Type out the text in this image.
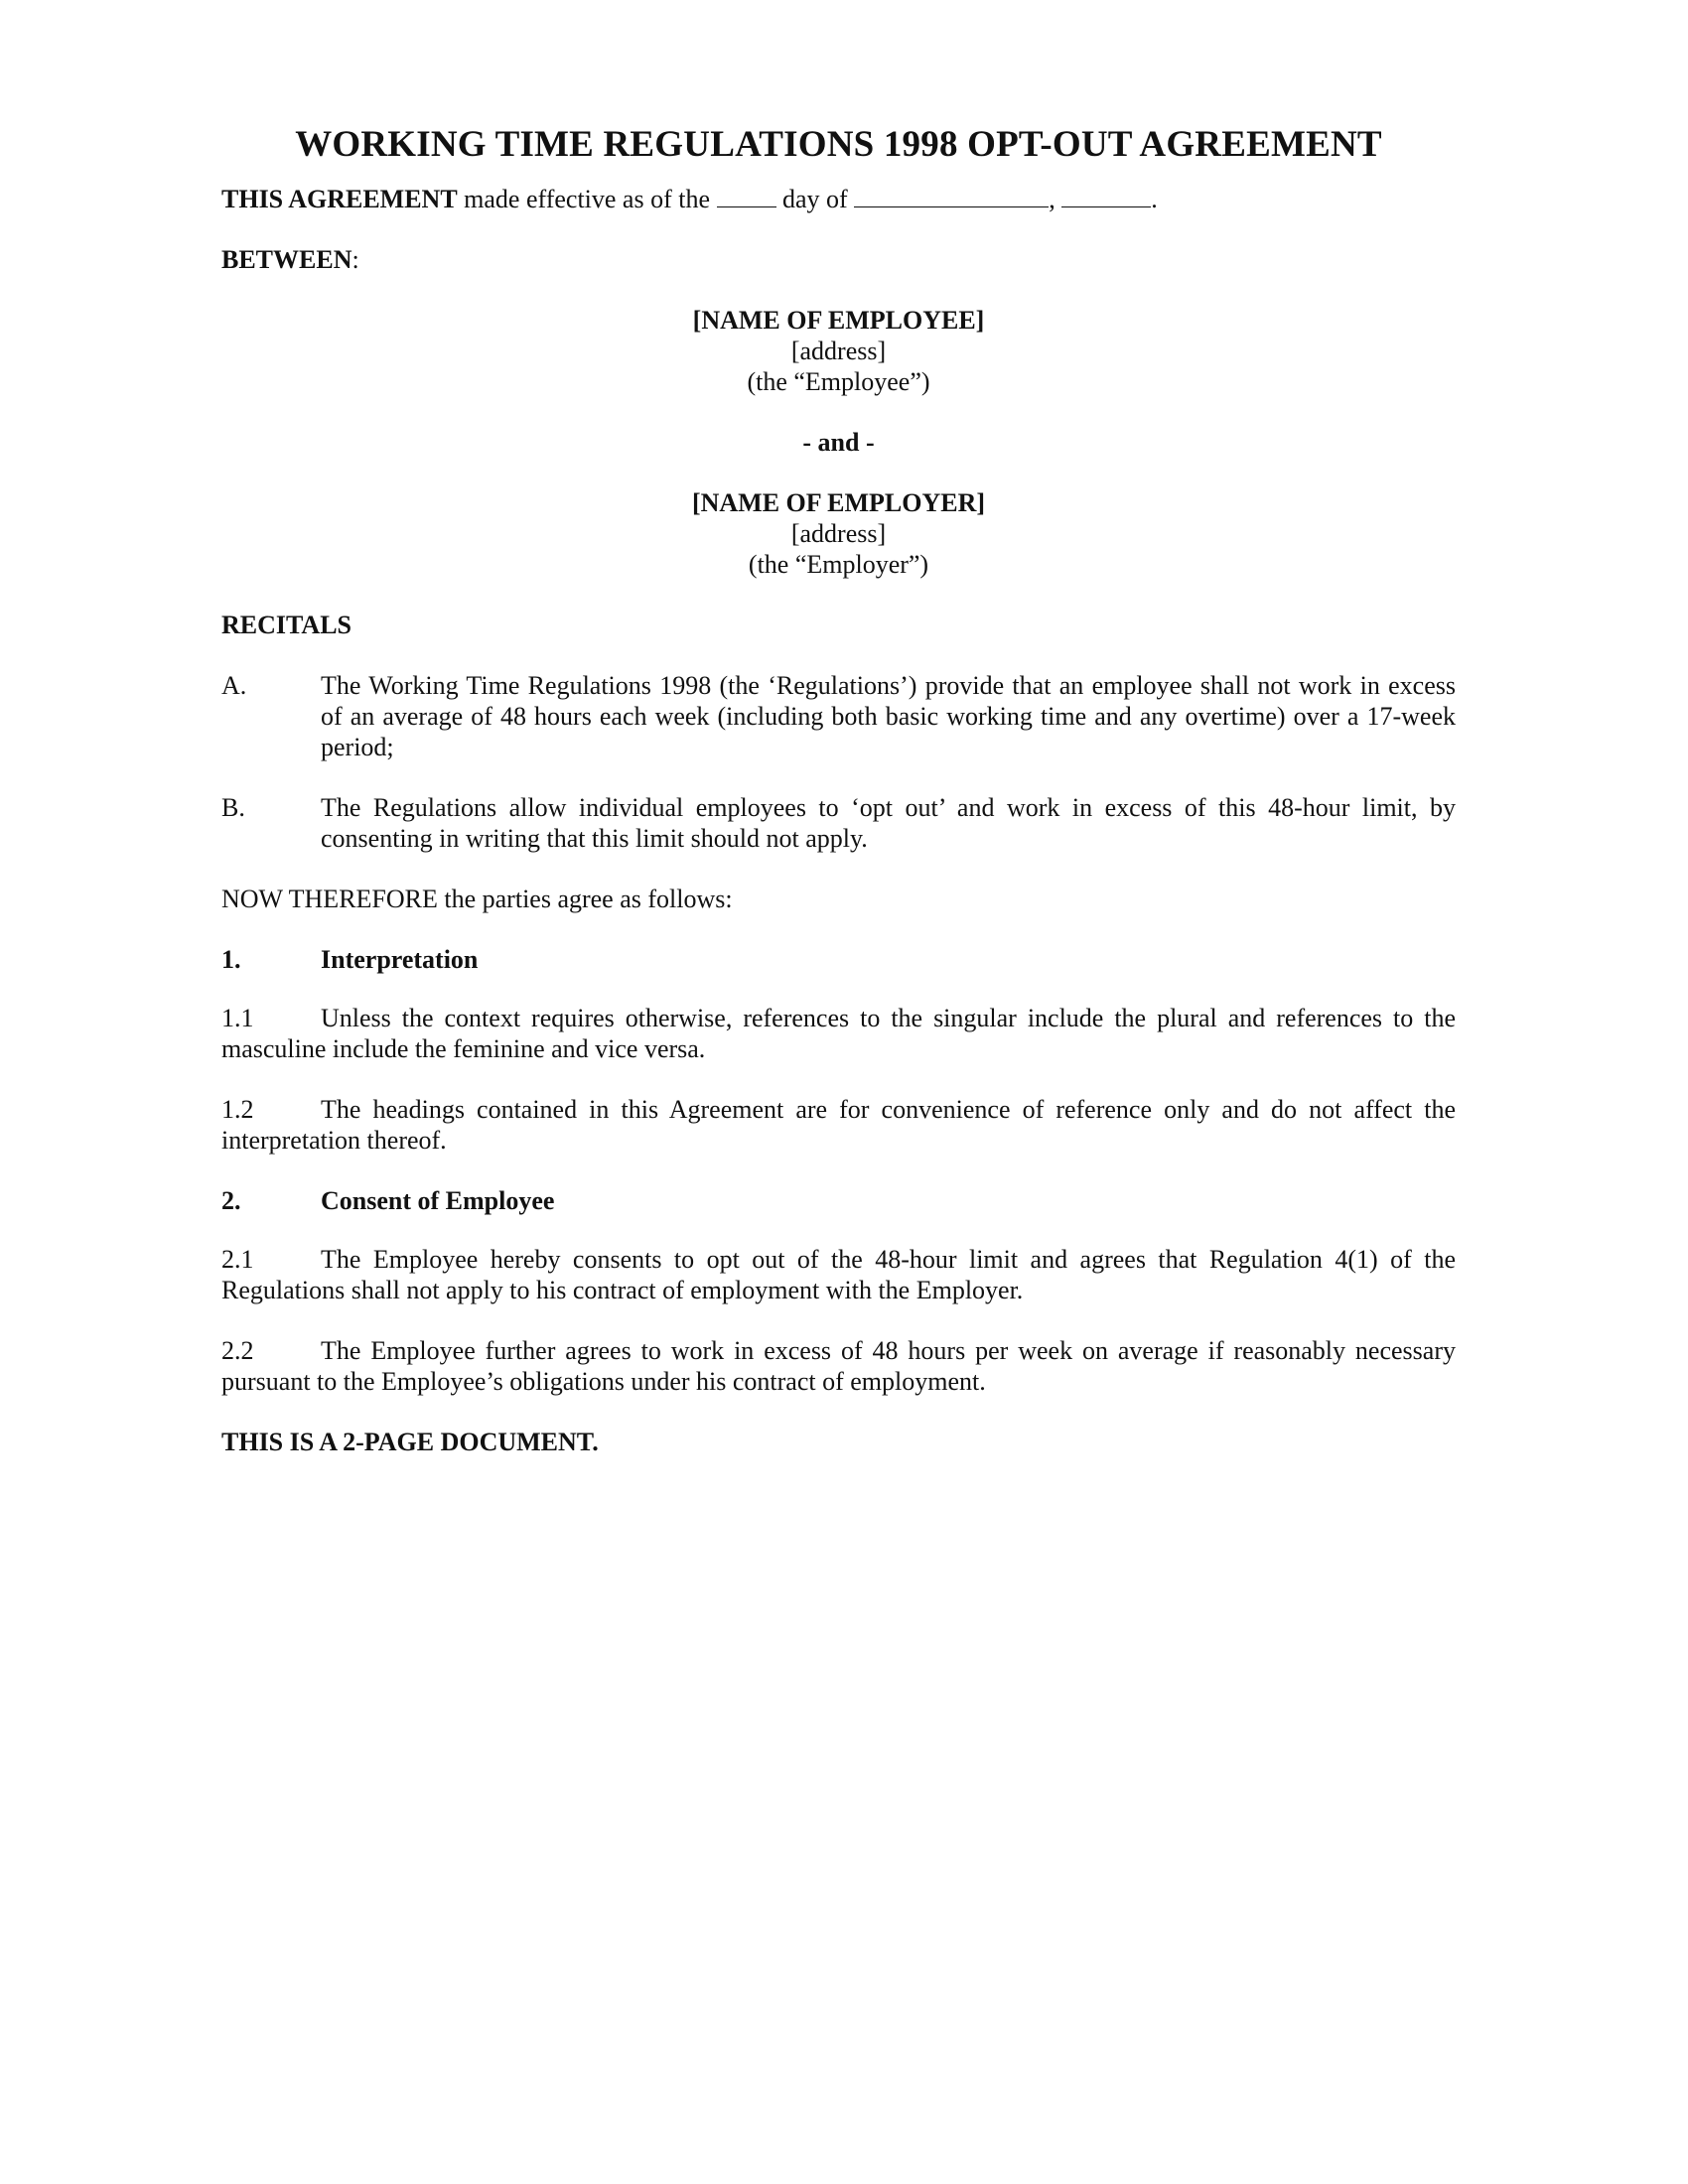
WORKING TIME REGULATIONS 1998 OPT-OUT AGREEMENT
THIS AGREEMENT made effective as of the  day of	,	.
BETWEEN:
[NAME OF EMPLOYEE]
[address]
(the “Employee”)
- and -
[NAME OF EMPLOYER]
[address]
(the “Employer”)
RECITALS
A.	The Working Time Regulations 1998 (the ‘Regulations’) provide that an employee shall not work in excess of an average of 48 hours each week (including both basic working time and any overtime) over a 17-week period;
B.	The Regulations allow individual employees to ‘opt out’ and work in excess of this 48-hour limit, by consenting in writing that this limit should not apply.
NOW THEREFORE the parties agree as follows:
1.	Interpretation
1.1	Unless the context requires otherwise, references to the singular include the plural and references to the masculine include the feminine and vice versa.
1.2	The headings contained in this Agreement are for convenience of reference only and do not affect the interpretation thereof.
2.	Consent of Employee
2.1	The Employee hereby consents to opt out of the 48-hour limit and agrees that Regulation 4(1) of the Regulations shall not apply to his contract of employment with the Employer.
2.2	The Employee further agrees to work in excess of 48 hours per week on average if reasonably necessary pursuant to the Employee’s obligations under his contract of employment.
THIS IS A 2-PAGE DOCUMENT.
